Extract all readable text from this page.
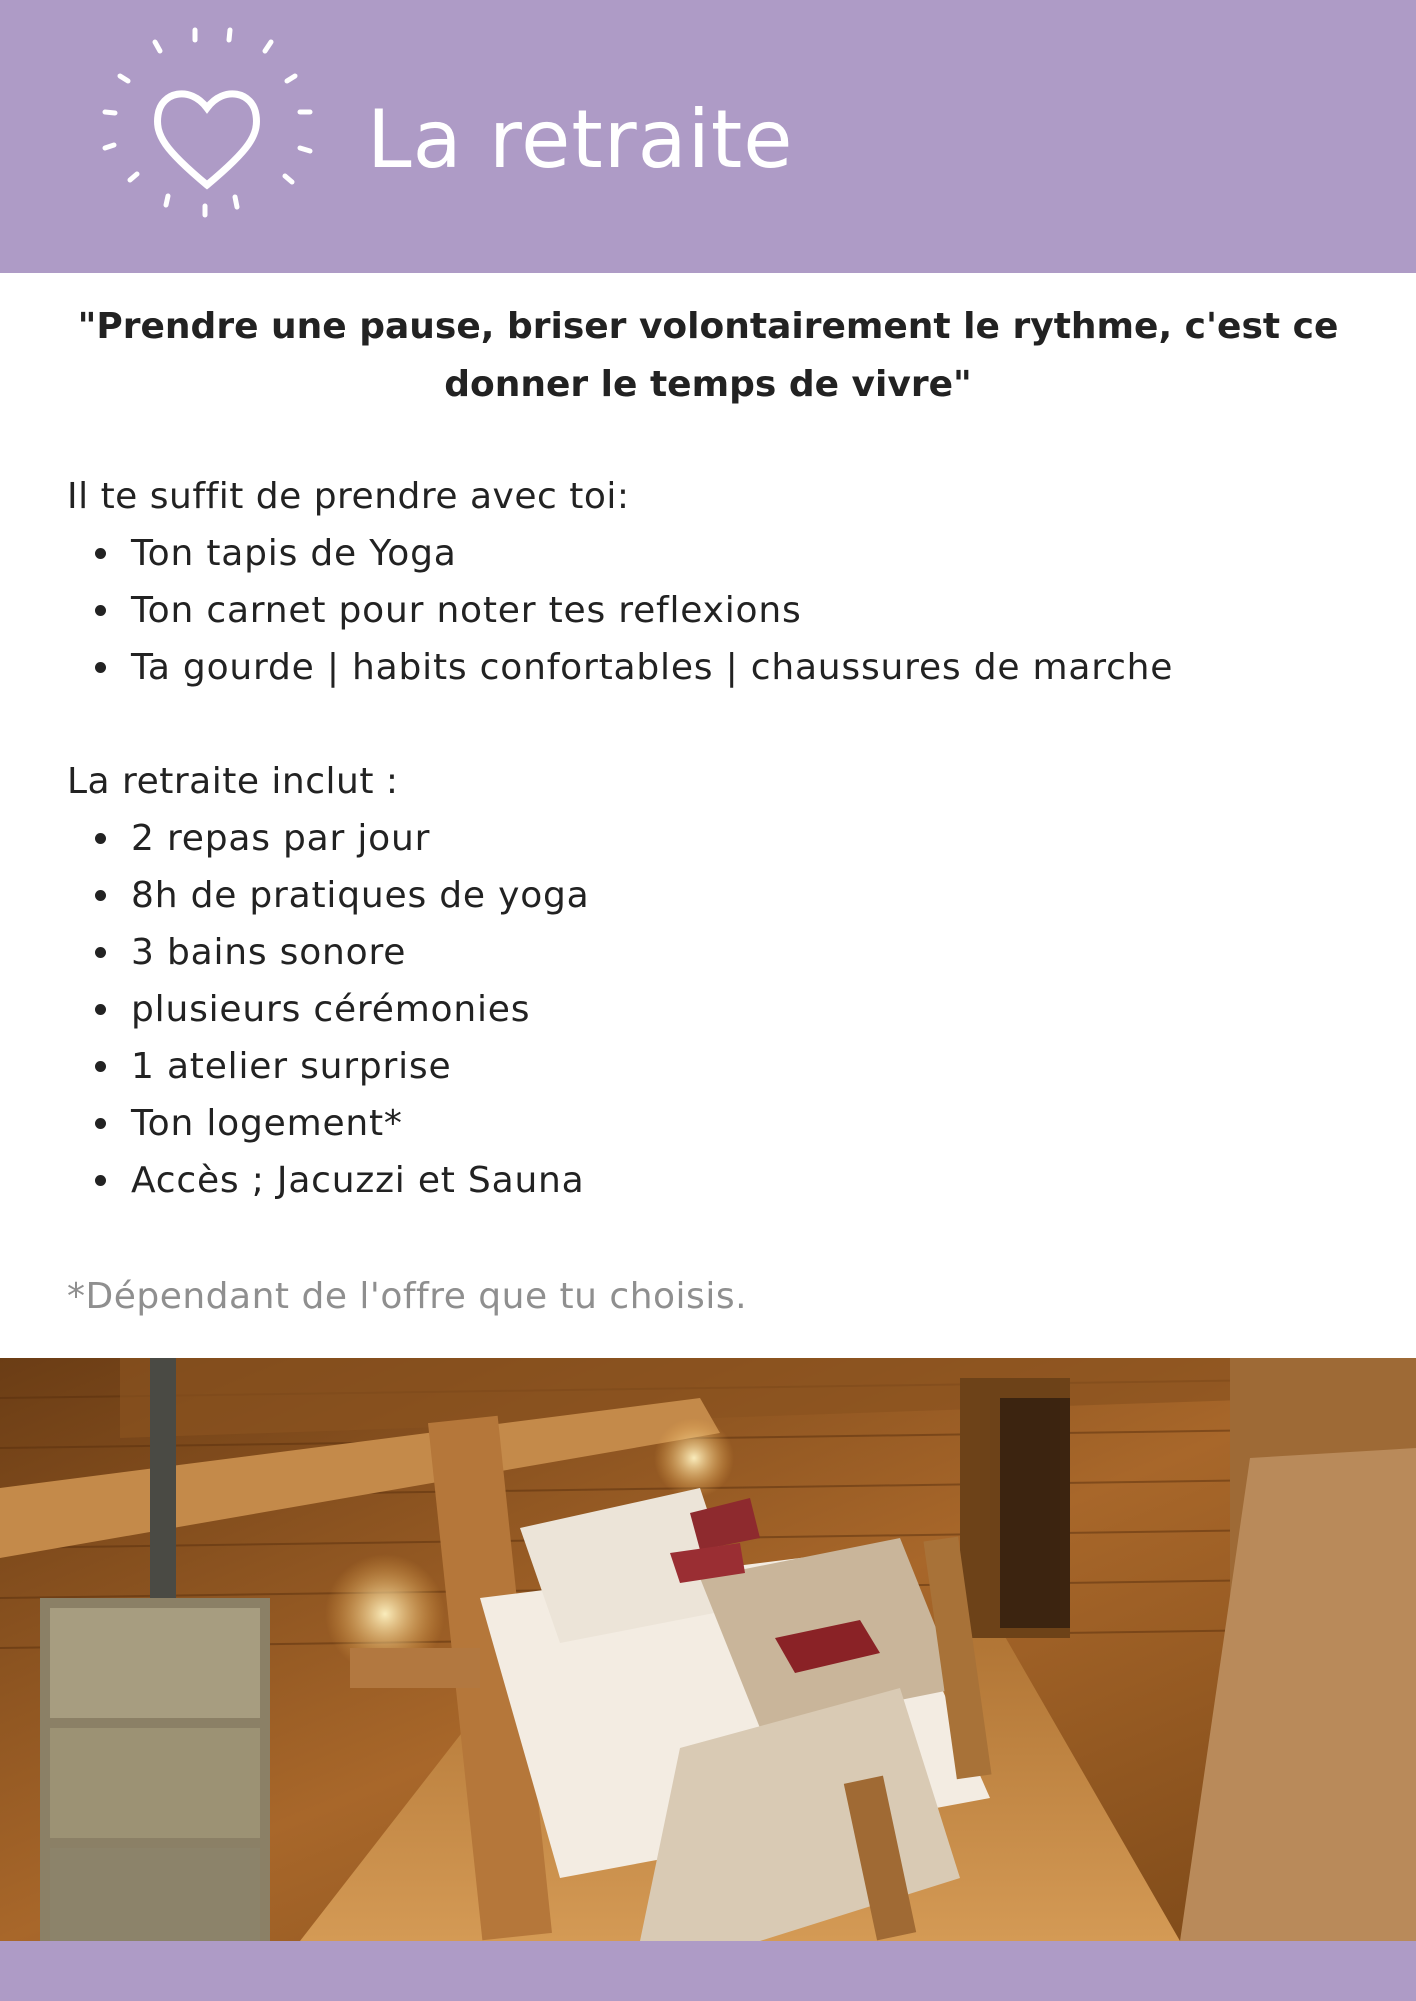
La retraite
"Prendre une pause, briser volontairement le rythme, c'est ce donner le temps de vivre"

Il te suffit de prendre avec toi:

Ton tapis de Yoga
Ton carnet pour noter tes reflexions
Ta gourde | habits confortables | chaussures de marche

La retraite inclut :

2 repas par jour
8h de pratiques de yoga
3 bains sonore
plusieurs cérémonies
1 atelier surprise
Ton logement*
Accès ; Jacuzzi et Sauna
*Dépendant de l'offre que tu choisis.
